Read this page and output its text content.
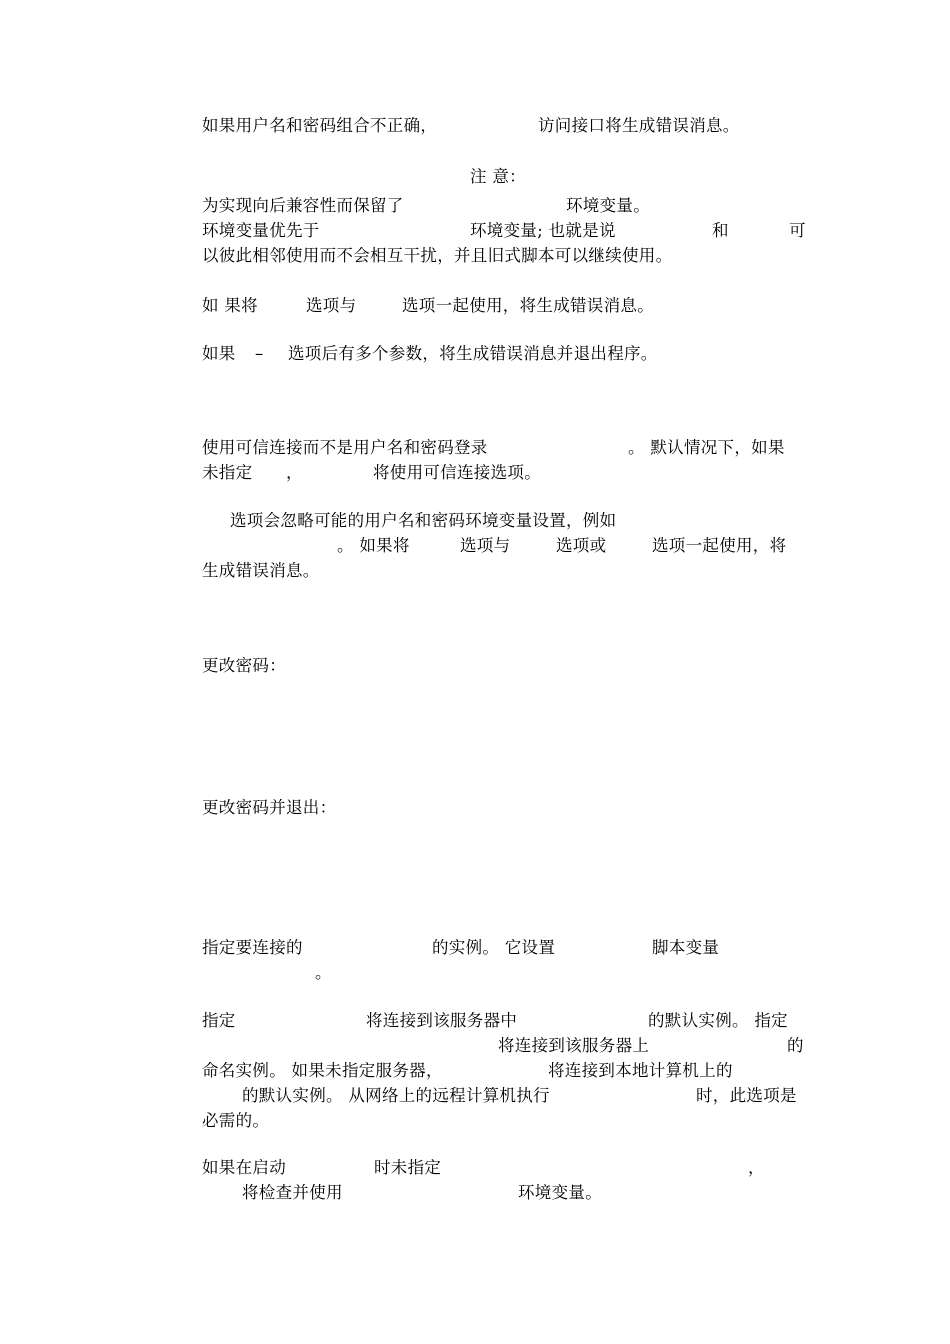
如果用户名和密码组合不正确，	访问接口将生成错误消息。
注 意：
为实现向后兼容性而保留了	环境变量。
环境变量优先于	环境变量; 也就是说	和	可
以彼此相邻使用而不会相互干扰，并且旧式脚本可以继续使用。
如 果将	选项与	选项一起使用，将生成错误消息。
如果 – 选项后有多个参数，将生成错误消息并退出程序。
使用可信连接而不是用户名和密码登录	。 默认情况下，如果
未指定 ，	将使用可信连接选项。
选项会忽略可能的用户名和密码环境变量设置，例如
。 如果将	选项与	选项或	选项一起使用，将
生成错误消息。
更改密码：
更改密码并退出：
指定要连接的	的实例。 它设置	脚本变量
。
指定	将连接到该服务器中	的默认实例。 指定
将连接到该服务器上	的
命名实例。 如果未指定服务器，	将连接到本地计算机上的
的默认实例。 从网络上的远程计算机执行	时，此选项是
必需的。
如果在启动	时未指定	，
将检查并使用	环境变量。
